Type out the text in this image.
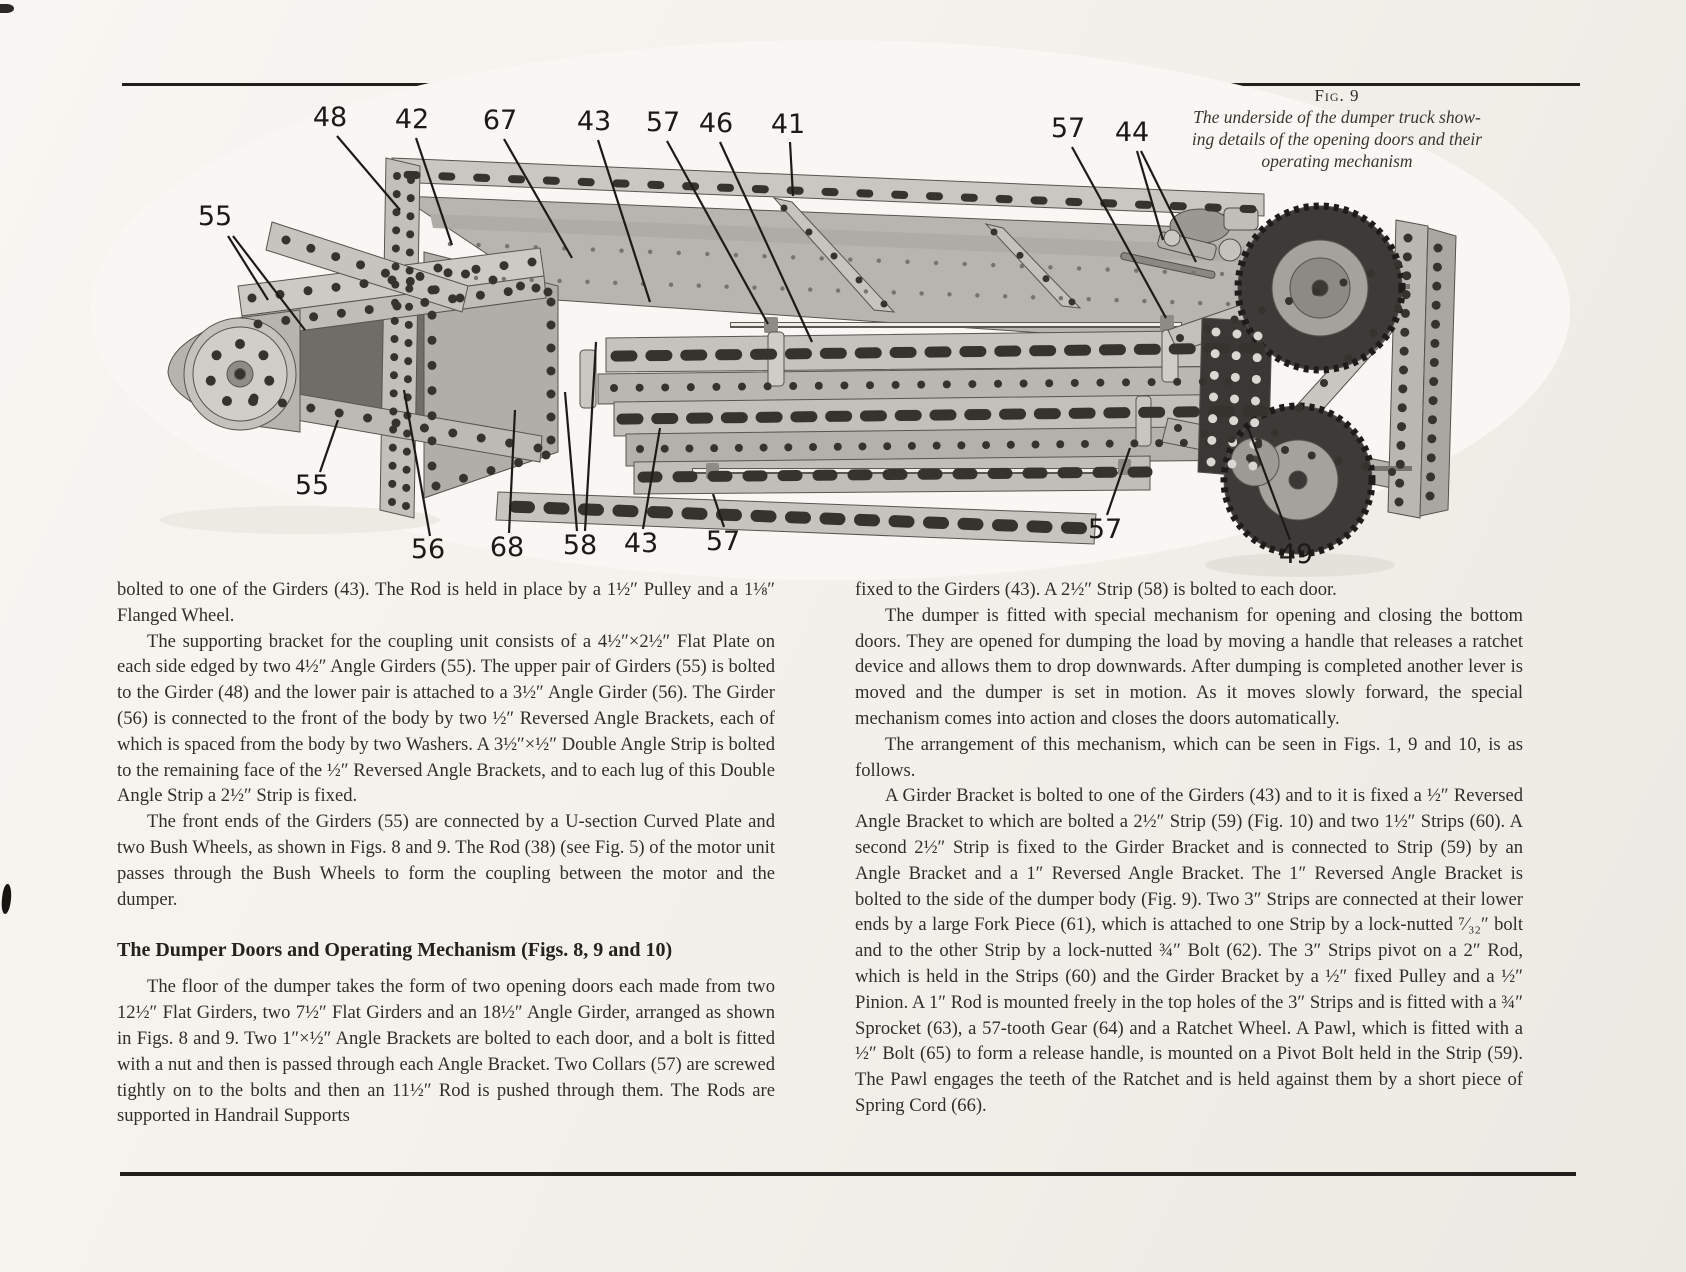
48 42 67 43 57 46 41	57 44
55
55
56 68 58 43 57	57
49
Fig. 9
The underside of the dumper truck show-
ing details of the opening doors and their
operating mechanism

bolted to one of the Girders (43). The Rod is held in place by a 1½″ Pulley and a 1⅛″ Flanged Wheel.

The supporting bracket for the coupling unit consists of a 4½″×2½″ Flat Plate on each side edged by two 4½″ Angle Girders (55). The upper pair of Girders (55) is bolted to the Girder (48) and the lower pair is attached to a 3½″ Angle Girder (56). The Girder (56) is connected to the front of the body by two ½″ Reversed Angle Brackets, each of which is spaced from the body by two Washers. A 3½″×½″ Double Angle Strip is bolted to the remaining face of the ½″ Reversed Angle Brackets, and to each lug of this Double Angle Strip a 2½″ Strip is fixed.

The front ends of the Girders (55) are connected by a U-section Curved Plate and two Bush Wheels, as shown in Figs. 8 and 9. The Rod (38) (see Fig. 5) of the motor unit passes through the Bush Wheels to form the coupling between the motor and the dumper.

The Dumper Doors and Operating Mechanism (Figs. 8, 9 and 10)

The floor of the dumper takes the form of two opening doors each made from two 12½″ Flat Girders, two 7½″ Flat Girders and an 18½″ Angle Girder, arranged as shown in Figs. 8 and 9. Two 1″×½″ Angle Brackets are bolted to each door, and a bolt is fitted with a nut and then is passed through each Angle Bracket. Two Collars (57) are screwed tightly on to the bolts and then an 11½″ Rod is pushed through them. The Rods are supported in Handrail Supports

fixed to the Girders (43). A 2½″ Strip (58) is bolted to each door.

The dumper is fitted with special mechanism for opening and closing the bottom doors. They are opened for dumping the load by moving a handle that releases a ratchet device and allows them to drop downwards. After dumping is completed another lever is moved and the dumper is set in motion. As it moves slowly forward, the special mechanism comes into action and closes the doors automatically.

The arrangement of this mechanism, which can be seen in Figs. 1, 9 and 10, is as follows.

A Girder Bracket is bolted to one of the Girders (43) and to it is fixed a ½″ Reversed Angle Bracket to which are bolted a 2½″ Strip (59) (Fig. 10) and two 1½″ Strips (60). A second 2½″ Strip is fixed to the Girder Bracket and is connected to Strip (59) by an Angle Bracket and a 1″ Reversed Angle Bracket. The 1″ Reversed Angle Bracket is bolted to the side of the dumper body (Fig. 9). Two 3″ Strips are connected at their lower ends by a large Fork Piece (61), which is attached to one Strip by a lock-nutted ⁷⁄₃₂″ bolt and to the other Strip by a lock-nutted ¾″ Bolt (62). The 3″ Strips pivot on a 2″ Rod, which is held in the Strips (60) and the Girder Bracket by a ½″ fixed Pulley and a ½″ Pinion. A 1″ Rod is mounted freely in the top holes of the 3″ Strips and is fitted with a ¾″ Sprocket (63), a 57-tooth Gear (64) and a Ratchet Wheel. A Pawl, which is fitted with a ½″ Bolt (65) to form a release handle, is mounted on a Pivot Bolt held in the Strip (59). The Pawl engages the teeth of the Ratchet and is held against them by a short piece of Spring Cord (66).
